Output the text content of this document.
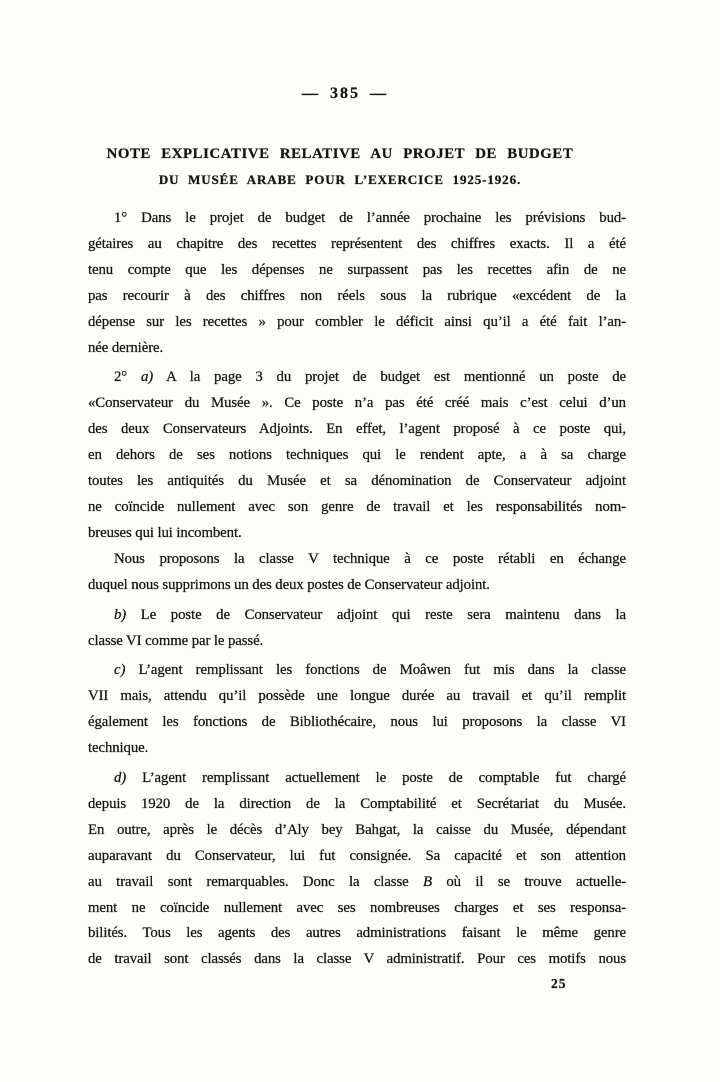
— 385 —
NOTE EXPLICATIVE RELATIVE AU PROJET DE BUDGET
DU MUSÉE ARABE POUR L’EXERCICE 1925-1926.

1° Dans le projet de budget de l’année prochaine les prévisions bud-
gétaires au chapitre des recettes représentent des chiffres exacts. Il a été
tenu compte que les dépenses ne surpassent pas les recettes afin de ne
pas recourir à des chiffres non réels sous la rubrique «excédent de la
dépense sur les recettes » pour combler le déficit ainsi qu’il a été fait l’an-
née dernière.

2° a) A la page 3 du projet de budget est mentionné un poste de
«Conservateur du Musée ». Ce poste n’a pas été créé mais c’est celui d’un
des deux Conservateurs Adjoints. En effet, l’agent proposé à ce poste qui,
en dehors de ses notions techniques qui le rendent apte, a à sa charge
toutes les antiquités du Musée et sa dénomination de Conservateur adjoint
ne coïncide nullement avec son genre de travail et les responsabilités nom-
breuses qui lui incombent.

Nous proposons la classe V technique à ce poste rétabli en échange
duquel nous supprimons un des deux postes de Conservateur adjoint.

b) Le poste de Conservateur adjoint qui reste sera maintenu dans la
classe VI comme par le passé.

c) L’agent remplissant les fonctions de Moâwen fut mis dans la classe
VII mais, attendu qu’il possède une longue durée au travail et qu’il remplit
également les fonctions de Bibliothécaire, nous lui proposons la classe VI
technique.

d) L’agent remplissant actuellement le poste de comptable fut chargé
depuis 1920 de la direction de la Comptabilité et Secrétariat du Musée.
En outre, après le décès d’Aly bey Bahgat, la caisse du Musée, dépendant
auparavant du Conservateur, lui fut consignée. Sa capacité et son attention
au travail sont remarquables. Donc la classe B où il se trouve actuelle-
ment ne coïncide nullement avec ses nombreuses charges et ses responsa-
bilités. Tous les agents des autres administrations faisant le même genre
de travail sont classés dans la classe V administratif. Pour ces motifs nous

25
